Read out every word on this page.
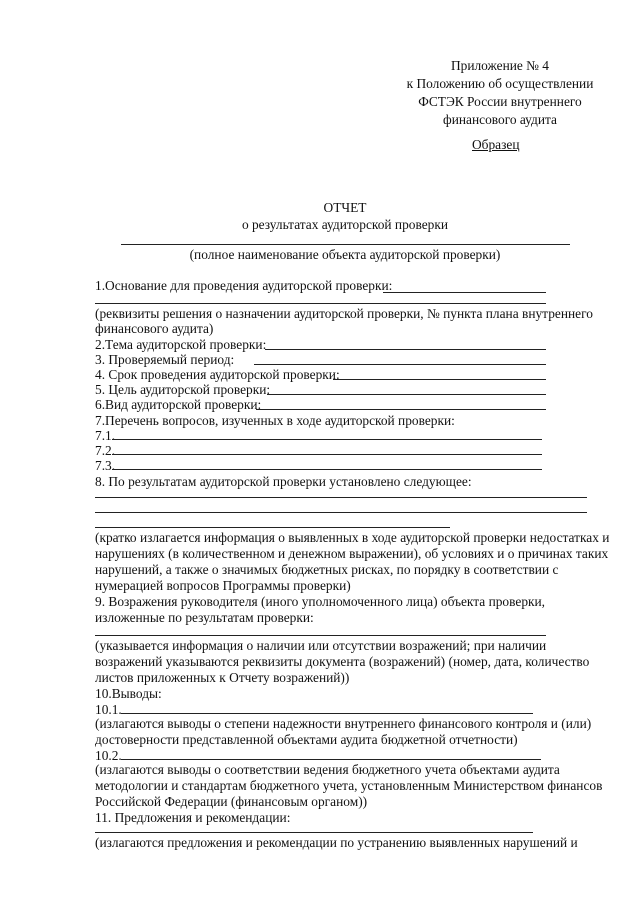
Приложение № 4
к Положению об осуществлении
ФСТЭК России внутреннего
финансового аудита
Образец
ОТЧЕТ
о результатах аудиторской проверки
(полное наименование объекта аудиторской проверки)
1.Основание для проведения аудиторской проверки:
(реквизиты решения о назначении аудиторской проверки, № пункта плана внутреннего
финансового аудита)
2.Тема аудиторской проверки:
3. Проверяемый период:
4. Срок проведения аудиторской проверки:
5. Цель аудиторской проверки:
6.Вид аудиторской проверки:
7.Перечень вопросов, изученных в ходе аудиторской проверки:
7.1.
7.2.
7.3.
8. По результатам аудиторской проверки установлено следующее:
(кратко излагается информация о выявленных в ходе аудиторской проверки недостатках и
нарушениях (в количественном и денежном выражении), об условиях и о причинах таких
нарушений, а также о значимых бюджетных рисках, по порядку в соответствии с
нумерацией вопросов Программы проверки)
9. Возражения руководителя (иного уполномоченного лица) объекта проверки,
изложенные по результатам проверки:
(указывается информация о наличии или отсутствии возражений; при наличии
возражений указываются реквизиты документа (возражений) (номер, дата, количество
листов приложенных к Отчету возражений))
10.Выводы:
10.1.
(излагаются выводы о степени надежности внутреннего финансового контроля и (или)
достоверности представленной объектами аудита бюджетной отчетности)
10.2.
(излагаются выводы о соответствии ведения бюджетного учета объектами аудита
методологии и стандартам бюджетного учета, установленным Министерством финансов
Российской Федерации (финансовым органом))
11. Предложения и рекомендации:
(излагаются предложения и рекомендации по устранению выявленных нарушений и
